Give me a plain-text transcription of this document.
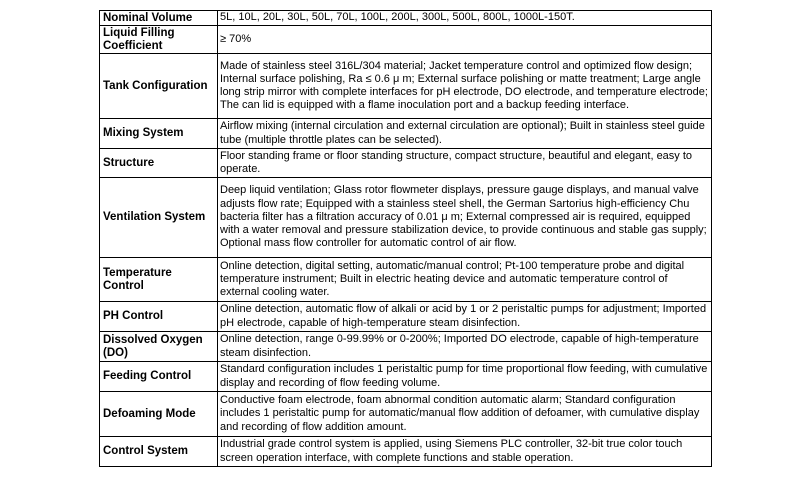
Nominal Volume	5L, 10L, 20L, 30L, 50L, 70L, 100L, 200L, 300L, 500L, 800L, 1000L-150T.
Liquid Filling Coefficient	≥ 70%
Tank Configuration	Made of stainless steel 316L/304 material; Jacket temperature control and optimized flow design; Internal surface polishing, Ra ≤ 0.6 μ m; External surface polishing or matte treatment; Large angle long strip mirror with complete interfaces for pH electrode, DO electrode, and temperature electrode; The can lid is equipped with a flame inoculation port and a backup feeding interface.
Mixing System	Airflow mixing (internal circulation and external circulation are optional); Built in stainless steel guide tube (multiple throttle plates can be selected).
Structure	Floor standing frame or floor standing structure, compact structure, beautiful and elegant, easy to operate.
Ventilation System	Deep liquid ventilation; Glass rotor flowmeter displays, pressure gauge displays, and manual valve adjusts flow rate; Equipped with a stainless steel shell, the German Sartorius high-efficiency Chu bacteria filter has a filtration accuracy of 0.01 μ m; External compressed air is required, equipped with a water removal and pressure stabilization device, to provide continuous and stable gas supply; Optional mass flow controller for automatic control of air flow.
Temperature Control	Online detection, digital setting, automatic/manual control; Pt-100 temperature probe and digital temperature instrument; Built in electric heating device and automatic temperature control of external cooling water.
PH Control	Online detection, automatic flow of alkali or acid by 1 or 2 peristaltic pumps for adjustment; Imported pH electrode, capable of high-temperature steam disinfection.
Dissolved Oxygen (DO)	Online detection, range 0-99.99% or 0-200%; Imported DO electrode, capable of high-temperature steam disinfection.
Feeding Control	Standard configuration includes 1 peristaltic pump for time proportional flow feeding, with cumulative display and recording of flow feeding volume.
Defoaming Mode	Conductive foam electrode, foam abnormal condition automatic alarm; Standard configuration includes 1 peristaltic pump for automatic/manual flow addition of defoamer, with cumulative display and recording of flow addition amount.
Control System	Industrial grade control system is applied, using Siemens PLC controller, 32-bit true color touch screen operation interface, with complete functions and stable operation.
